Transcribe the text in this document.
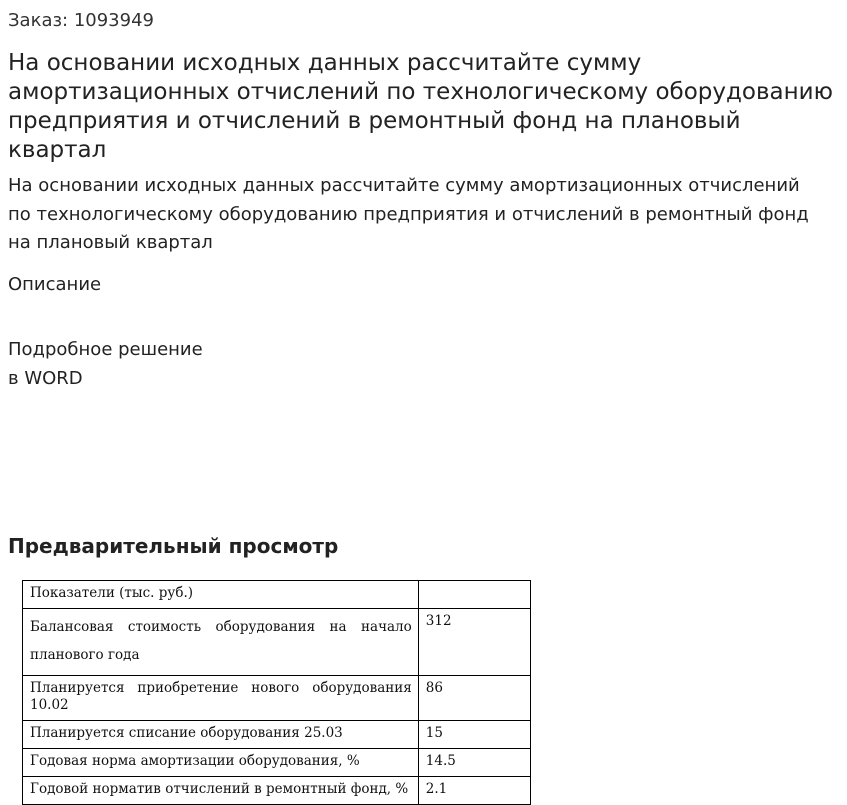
Заказ: 1093949
На основании исходных данных рассчитайте сумму амортизационных отчислений по технологическому оборудованию предприятия и отчислений в ремонтный фонд на плановый квартал
На основании исходных данных рассчитайте сумму амортизационных отчислений по технологическому оборудованию предприятия и отчислений в ремонтный фонд на плановый квартал
Описание
Подробное решение
в WORD
Предварительный просмотр
Показатели (тыс. руб.)	
Балансовая стоимость оборудования на начало планового года	312
Планируется приобретение нового оборудования 10.02	86
Планируется списание оборудования 25.03	15
Годовая норма амортизации оборудования, %	14.5
Годовой норматив отчислений в ремонтный фонд, %	2.1
